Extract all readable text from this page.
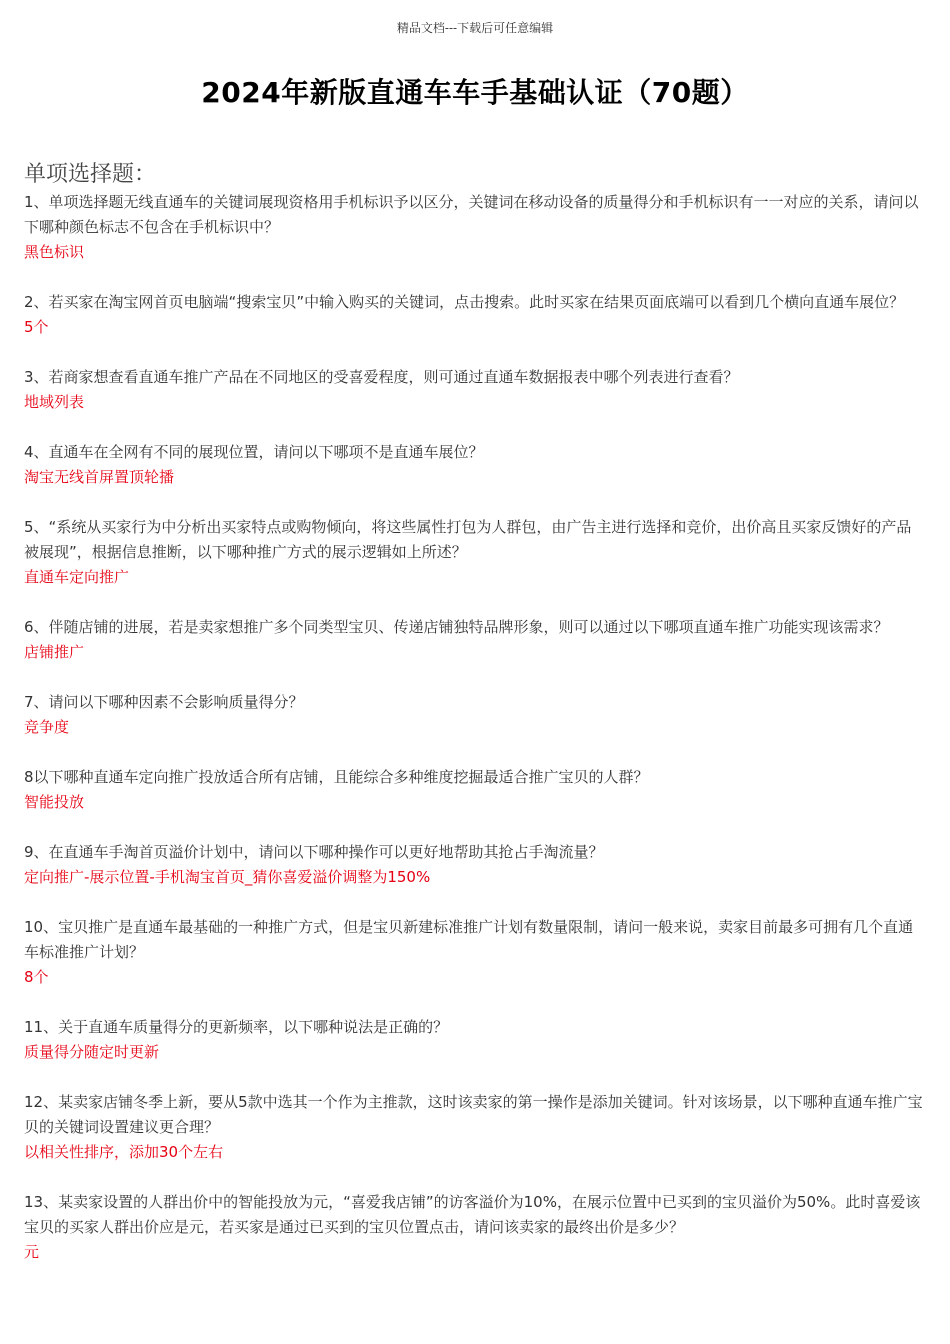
精品文档---下载后可任意编辑
2024年新版直通车车手基础认证（70题）
单项选择题：

1、单项选择题无线直通车的关键词展现资格用手机标识予以区分，关键词在移动设备的质量得分和手机标识有一一对应的关系，请问以下哪种颜色标志不包含在手机标识中？

黑色标识

2、若买家在淘宝网首页电脑端“搜索宝贝”中输入购买的关键词，点击搜索。此时买家在结果页面底端可以看到几个横向直通车展位？

5个

3、若商家想查看直通车推广产品在不同地区的受喜爱程度，则可通过直通车数据报表中哪个列表进行查看？

地域列表

4、直通车在全网有不同的展现位置，请问以下哪项不是直通车展位？

淘宝无线首屏置顶轮播

5、“系统从买家行为中分析出买家特点或购物倾向，将这些属性打包为人群包，由广告主进行选择和竞价，出价高且买家反馈好的产品被展现”，根据信息推断，以下哪种推广方式的展示逻辑如上所述？

直通车定向推广

6、伴随店铺的进展，若是卖家想推广多个同类型宝贝、传递店铺独特品牌形象，则可以通过以下哪项直通车推广功能实现该需求？

店铺推广

7、请问以下哪种因素不会影响质量得分？

竞争度

8以下哪种直通车定向推广投放适合所有店铺，且能综合多种维度挖掘最适合推广宝贝的人群？

智能投放

9、在直通车手淘首页溢价计划中，请问以下哪种操作可以更好地帮助其抢占手淘流量？

定向推广-展示位置-手机淘宝首页_猜你喜爱溢价调整为150%

10、宝贝推广是直通车最基础的一种推广方式，但是宝贝新建标准推广计划有数量限制，请问一般来说，卖家目前最多可拥有几个直通车标准推广计划？

8个

11、关于直通车质量得分的更新频率，以下哪种说法是正确的？

质量得分随定时更新

12、某卖家店铺冬季上新，要从5款中选其一个作为主推款，这时该卖家的第一操作是添加关键词。针对该场景，以下哪种直通车推广宝贝的关键词设置建议更合理？

以相关性排序，添加30个左右

13、某卖家设置的人群出价中的智能投放为元，“喜爱我店铺”的访客溢价为10%，在展示位置中已买到的宝贝溢价为50%。此时喜爱该宝贝的买家人群出价应是元，若买家是通过已买到的宝贝位置点击，请问该卖家的最终出价是多少？

元
